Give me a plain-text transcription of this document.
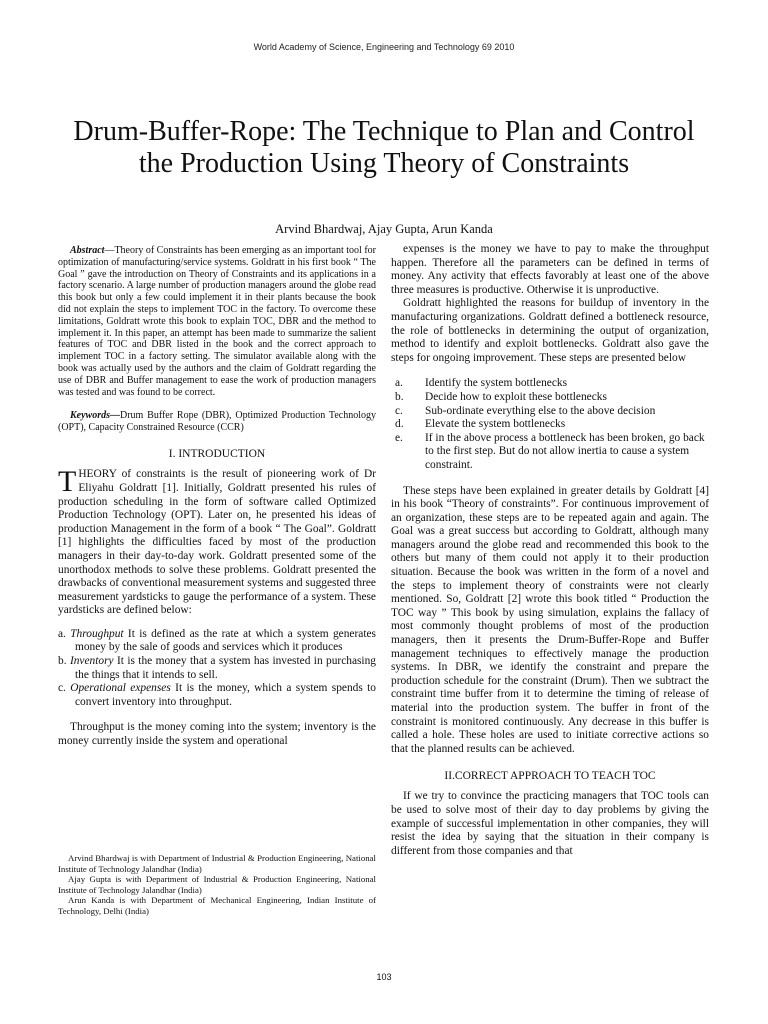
World Academy of Science, Engineering and Technology 69 2010
Drum-Buffer-Rope: The Technique to Plan and Control the Production Using Theory of Constraints
Arvind Bhardwaj, Ajay Gupta, Arun Kanda

Abstract—Theory of Constraints has been emerging as an important tool for optimization of manufacturing/service systems. Goldratt in his first book “ The Goal ” gave the introduction on Theory of Constraints and its applications in a factory scenario. A large number of production managers around the globe read this book but only a few could implement it in their plants because the book did not explain the steps to implement TOC in the factory. To overcome these limitations, Goldratt wrote this book to explain TOC, DBR and the method to implement it. In this paper, an attempt has been made to summarize the salient features of TOC and DBR listed in the book and the correct approach to implement TOC in a factory setting. The simulator available along with the book was actually used by the authors and the claim of Goldratt regarding the use of DBR and Buffer management to ease the work of production managers was tested and was found to be correct.

Keywords—Drum Buffer Rope (DBR), Optimized Production Technology (OPT), Capacity Constrained Resource (CCR)

I. INTRODUCTION

THEORY of constraints is the result of pioneering work of Dr Eliyahu Goldratt [1]. Initially, Goldratt presented his rules of production scheduling in the form of software called Optimized Production Technology (OPT). Later on, he presented his ideas of production Management in the form of a book “ The Goal”. Goldratt [1] highlights the difficulties faced by most of the production managers in their day-to-day work. Goldratt presented some of the unorthodox methods to solve these problems. Goldratt presented the drawbacks of conventional measurement systems and suggested three measurement yardsticks to gauge the performance of a system. These yardsticks are defined below:

a. Throughput It is defined as the rate at which a system generates money by the sale of goods and services which it produces
b. Inventory It is the money that a system has invested in purchasing the things that it intends to sell.
c. Operational expenses It is the money, which a system spends to convert inventory into throughput.

Throughput is the money coming into the system; inventory is the money currently inside the system and operational

expenses is the money we have to pay to make the throughput happen. Therefore all the parameters can be defined in terms of money. Any activity that effects favorably at least one of the above three measures is productive. Otherwise it is unproductive.

Goldratt highlighted the reasons for buildup of inventory in the manufacturing organizations. Goldratt defined a bottleneck resource, the role of bottlenecks in determining the output of organization, method to identify and exploit bottlenecks. Goldratt also gave the steps for ongoing improvement. These steps are presented below

a.	Identify the system bottlenecks
b.	Decide how to exploit these bottlenecks
c.	Sub-ordinate everything else to the above decision
d.	Elevate the system bottlenecks
e.	If in the above process a bottleneck has been broken, go back to the first step. But do not allow inertia to cause a system constraint.

These steps have been explained in greater details by Goldratt [4] in his book “Theory of constraints”. For continuous improvement of an organization, these steps are to be repeated again and again. The Goal was a great success but according to Goldratt, although many managers around the globe read and recommended this book to the others but many of them could not apply it to their production situation. Because the book was written in the form of a novel and the steps to implement theory of constraints were not clearly mentioned. So, Goldratt [2] wrote this book titled “ Production the TOC way ” This book by using simulation, explains the fallacy of most commonly thought problems of most of the production managers, then it presents the Drum-Buffer-Rope and Buffer management techniques to effectively manage the production systems. In DBR, we identify the constraint and prepare the production schedule for the constraint (Drum). Then we subtract the constraint time buffer from it to determine the timing of release of material into the production system. The buffer in front of the constraint is monitored continuously. Any decrease in this buffer is called a hole. These holes are used to initiate corrective actions so that the planned results can be achieved.

II.CORRECT APPROACH TO TEACH TOC

If we try to convince the practicing managers that TOC tools can be used to solve most of their day to day problems by giving the example of successful implementation in other companies, they will resist the idea by saying that the situation in their company is different from those companies and that

Arvind Bhardwaj is with Department of Industrial & Production Engineering, National Institute of Technology Jalandhar (India)

Ajay Gupta is with Department of Industrial & Production Engineering, National Institute of Technology Jalandhar (India)

Arun Kanda is with Department of Mechanical Engineering, Indian Institute of Technology, Delhi (India)

103
